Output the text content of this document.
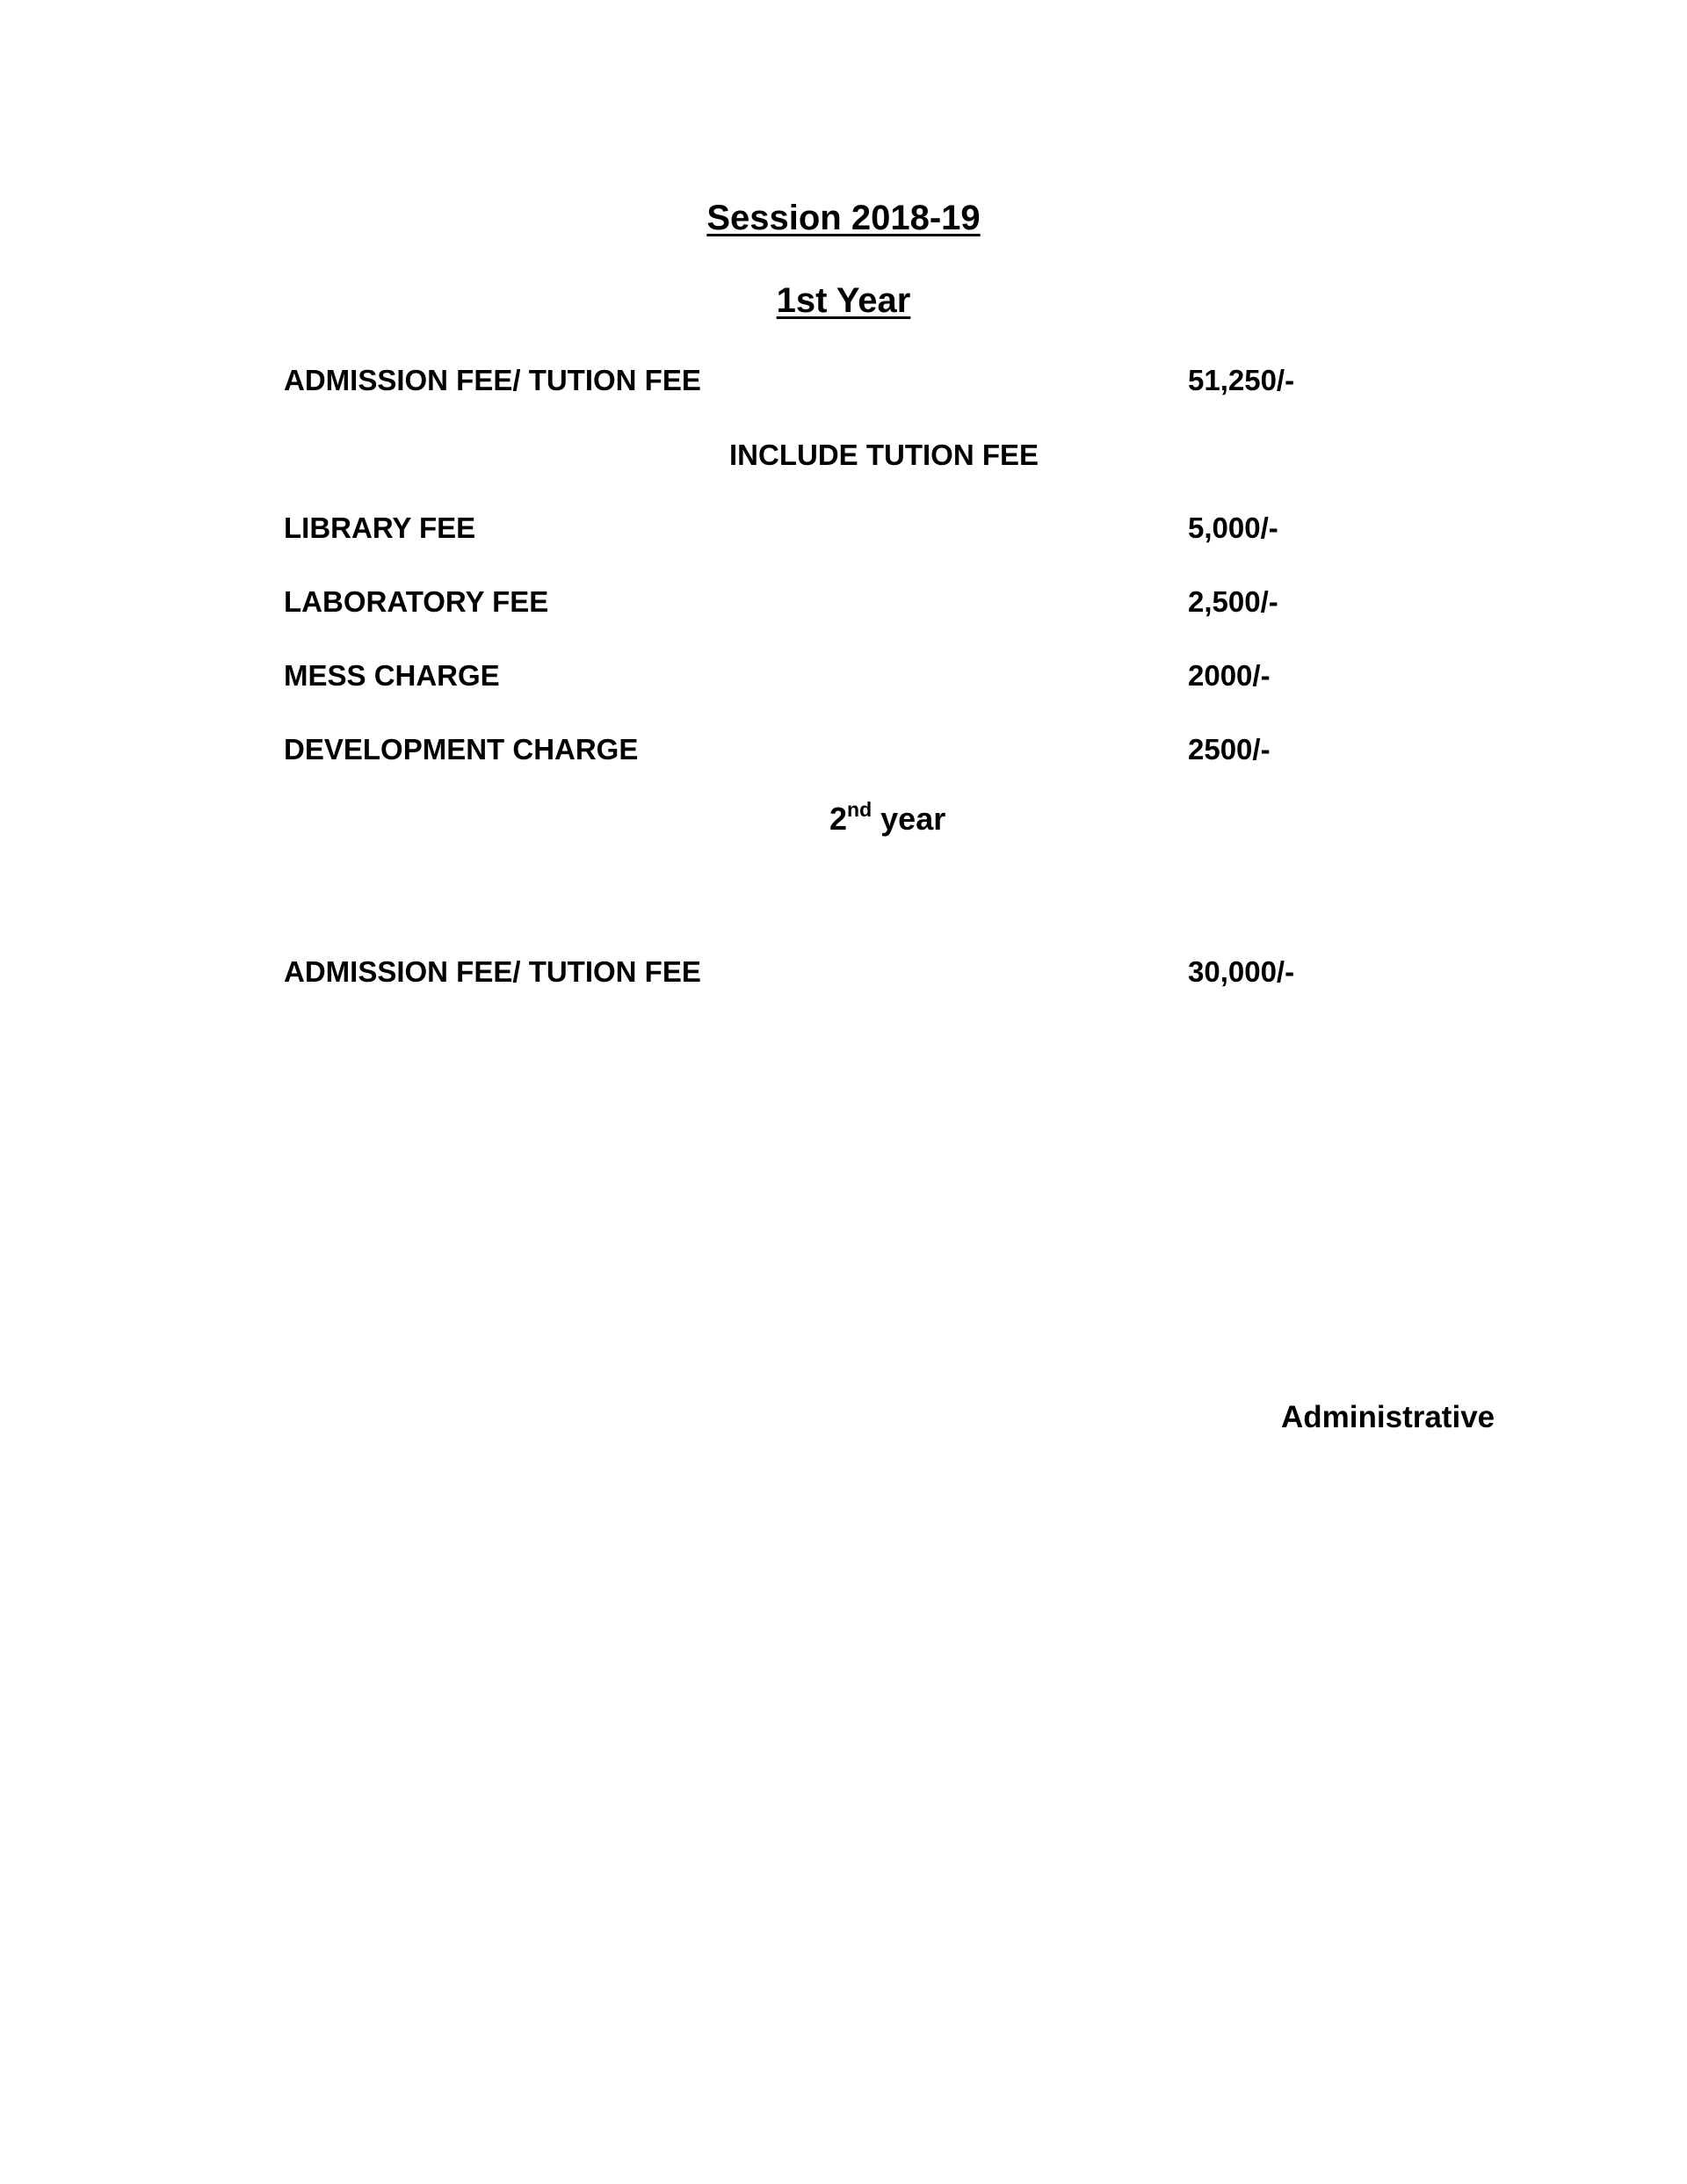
Session 2018-19
1st Year
ADMISSION FEE/ TUTION FEE	51,250/-
INCLUDE TUTION FEE
LIBRARY FEE	5,000/-
LABORATORY FEE	2,500/-
MESS CHARGE	2000/-
DEVELOPMENT CHARGE	2500/-
2nd year
ADMISSION FEE/ TUTION FEE	30,000/-
Administrative
